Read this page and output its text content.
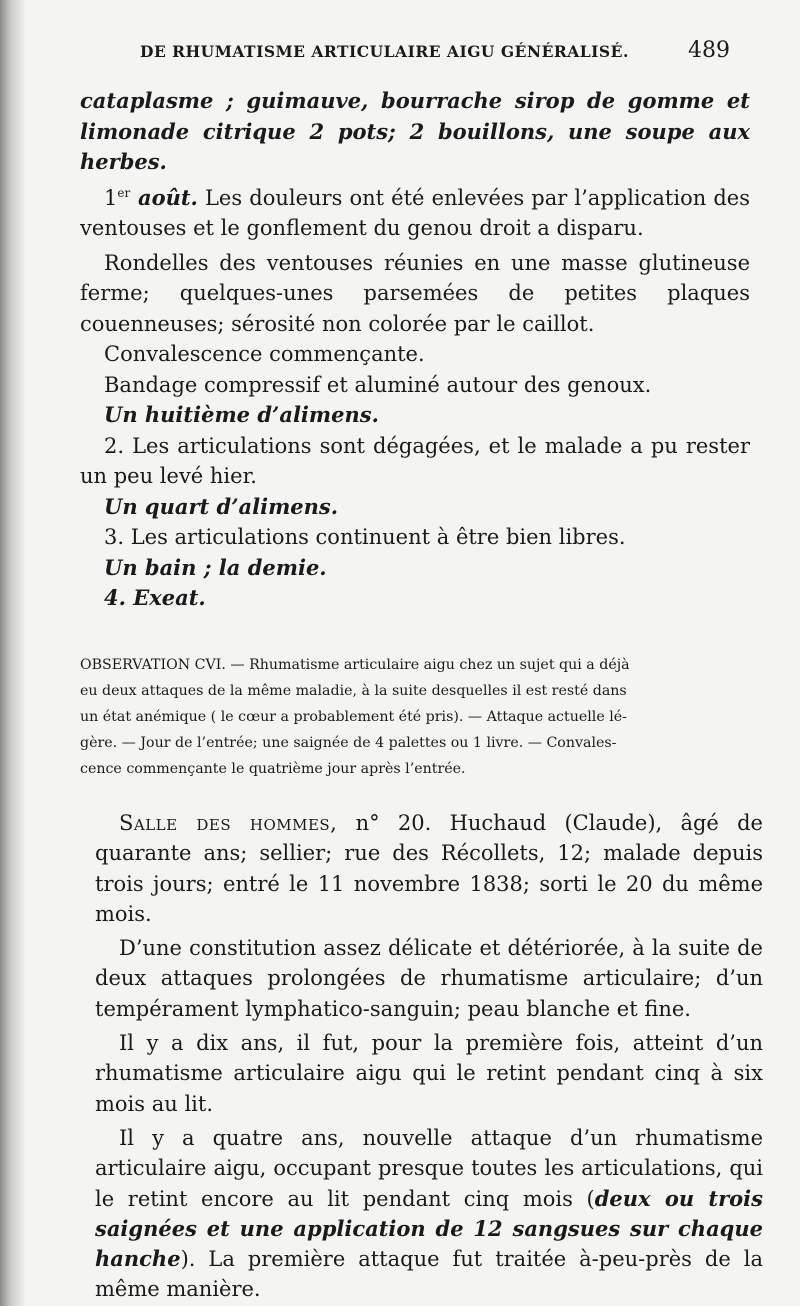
DE RHUMATISME ARTICULAIRE AIGU GÉNÉRALISÉ.	489

cataplasme ; guimauve, bourrache sirop de gomme et limonade citrique 2 pots; 2 bouillons, une soupe aux herbes.

1er août. Les douleurs ont été enlevées par l’application des ventouses et le gonflement du genou droit a disparu.

Rondelles des ventouses réunies en une masse glutineuse ferme; quelques-unes parsemées de petites plaques couenneuses; sérosité non colorée par le caillot.

Convalescence commençante.

Bandage compressif et aluminé autour des genoux.

Un huitième d’alimens.

2. Les articulations sont dégagées, et le malade a pu rester un peu levé hier.

Un quart d’alimens.

3. Les articulations continuent à être bien libres.

Un bain ; la demie.

4. Exeat.

OBSERVATION CVI. — Rhumatisme articulaire aigu chez un sujet qui a déjà

eu deux attaques de la même maladie, à la suite desquelles il est resté dans

un état anémique ( le cœur a probablement été pris). — Attaque actuelle lé-

gère. — Jour de l’entrée; une saignée de 4 palettes ou 1 livre. — Convales-

cence commençante le quatrième jour après l’entrée.

Salle des hommes, n° 20. Huchaud (Claude), âgé de quarante ans; sellier; rue des Récollets, 12; malade depuis trois jours; entré le 11 novembre 1838; sorti le 20 du même mois.

D’une constitution assez délicate et détériorée, à la suite de deux attaques prolongées de rhumatisme articulaire; d’un tempérament lymphatico-sanguin; peau blanche et fine.

Il y a dix ans, il fut, pour la première fois, atteint d’un rhumatisme articulaire aigu qui le retint pendant cinq à six mois au lit.

Il y a quatre ans, nouvelle attaque d’un rhumatisme articulaire aigu, occupant presque toutes les articulations, qui le retint encore au lit pendant cinq mois (deux ou trois saignées et une application de 12 sangsues sur chaque hanche). La première attaque fut traitée à-peu-près de la même manière.
